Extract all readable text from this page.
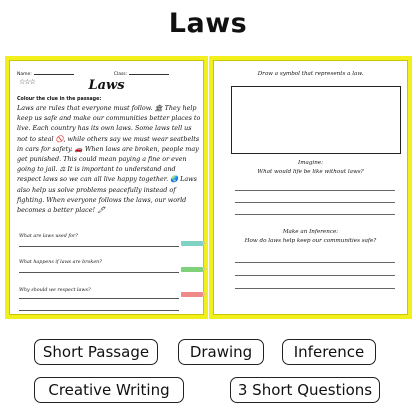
Laws
Name:	Class:
☆☆☆	Laws
Colour the clue in the passage:
Laws are rules that everyone must follow. 🏛 They help keep us safe and make our communities better places to live. Each country has its own laws. Some laws tell us not to steal 🚫, while others say we must wear seatbelts in cars for safety. 🚗 When laws are broken, people may get punished. This could mean paying a fine or even going to jail. ⚖ It is important to understand and respect laws so we can all live happy together. 🌏 Laws also help us solve problems peacefully instead of fighting. When everyone follows the laws, our world becomes a better place! 🖊
What are laws used for?
What happens if laws are broken?
Why should we respect laws?
Draw a symbol that represents a law.
Imagine:
What would life be like without laws?
Make an Inference:
How do laws help keep our communities safe?
Short Passage	Drawing	Inference
Creative Writing	3 Short Questions
